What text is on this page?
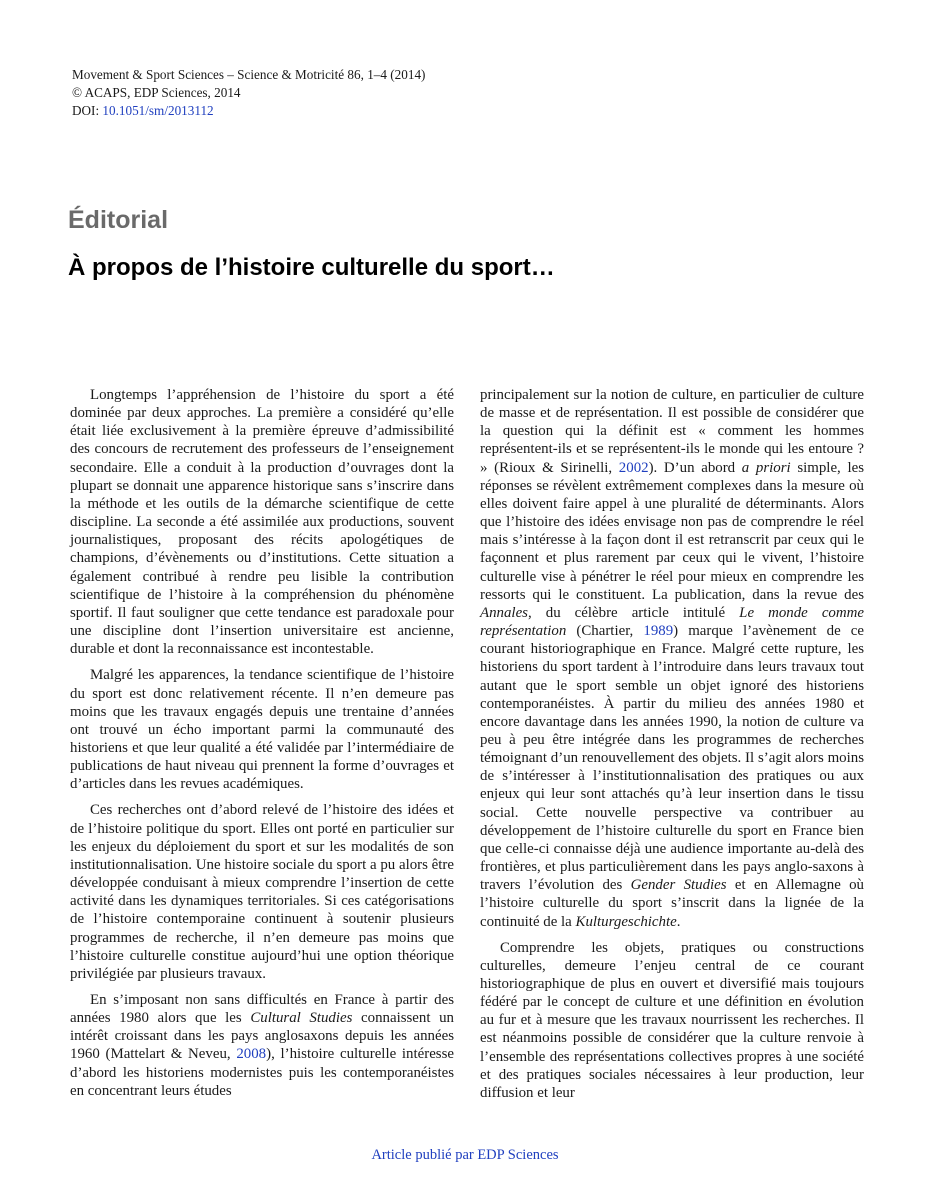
Movement & Sport Sciences – Science & Motricité 86, 1–4 (2014)
© ACAPS, EDP Sciences, 2014
DOI: 10.1051/sm/2013112
Éditorial
À propos de l’histoire culturelle du sport…

Longtemps l’appréhension de l’histoire du sport a été dominée par deux approches. La première a considéré qu’elle était liée exclusivement à la première épreuve d’admissibilité des concours de recrutement des professeurs de l’enseignement secondaire. Elle a conduit à la production d’ouvrages dont la plupart se donnait une apparence historique sans s’inscrire dans la méthode et les outils de la démarche scientifique de cette discipline. La seconde a été assimilée aux productions, souvent journalistiques, proposant des récits apologétiques de champions, d’évènements ou d’institutions. Cette situation a également contribué à rendre peu lisible la contribution scientifique de l’histoire à la compréhension du phénomène sportif. Il faut souligner que cette tendance est paradoxale pour une discipline dont l’insertion universitaire est ancienne, durable et dont la reconnaissance est incontestable.

Malgré les apparences, la tendance scientifique de l’histoire du sport est donc relativement récente. Il n’en demeure pas moins que les travaux engagés depuis une trentaine d’années ont trouvé un écho important parmi la communauté des historiens et que leur qualité a été validée par l’intermédiaire de publications de haut niveau qui prennent la forme d’ouvrages et d’articles dans les revues académiques.

Ces recherches ont d’abord relevé de l’histoire des idées et de l’histoire politique du sport. Elles ont porté en particulier sur les enjeux du déploiement du sport et sur les modalités de son institutionnalisation. Une histoire sociale du sport a pu alors être développée conduisant à mieux comprendre l’insertion de cette activité dans les dynamiques territoriales. Si ces catégorisations de l’histoire contemporaine continuent à soutenir plusieurs programmes de recherche, il n’en demeure pas moins que l’histoire culturelle constitue aujourd’hui une option théorique privilégiée par plusieurs travaux.

En s’imposant non sans difficultés en France à partir des années 1980 alors que les Cultural Studies connaissent un intérêt croissant dans les pays anglosaxons depuis les années 1960 (Mattelart & Neveu, 2008), l’histoire culturelle intéresse d’abord les historiens modernistes puis les contemporanéistes en concentrant leurs études

principalement sur la notion de culture, en particulier de culture de masse et de représentation. Il est possible de considérer que la question qui la définit est « comment les hommes représentent-ils et se représentent-ils le monde qui les entoure ? » (Rioux & Sirinelli, 2002). D’un abord a priori simple, les réponses se révèlent extrêmement complexes dans la mesure où elles doivent faire appel à une pluralité de déterminants. Alors que l’histoire des idées envisage non pas de comprendre le réel mais s’intéresse à la façon dont il est retranscrit par ceux qui le façonnent et plus rarement par ceux qui le vivent, l’histoire culturelle vise à pénétrer le réel pour mieux en comprendre les ressorts qui le constituent. La publication, dans la revue des Annales, du célèbre article intitulé Le monde comme représentation (Chartier, 1989) marque l’avènement de ce courant historiographique en France. Malgré cette rupture, les historiens du sport tardent à l’introduire dans leurs travaux tout autant que le sport semble un objet ignoré des historiens contemporanéistes. À partir du milieu des années 1980 et encore davantage dans les années 1990, la notion de culture va peu à peu être intégrée dans les programmes de recherches témoignant d’un renouvellement des objets. Il s’agit alors moins de s’intéresser à l’institutionnalisation des pratiques ou aux enjeux qui leur sont attachés qu’à leur insertion dans le tissu social. Cette nouvelle perspective va contribuer au développement de l’histoire culturelle du sport en France bien que celle-ci connaisse déjà une audience importante au-delà des frontières, et plus particulièrement dans les pays anglo-saxons à travers l’évolution des Gender Studies et en Allemagne où l’histoire culturelle du sport s’inscrit dans la lignée de la continuité de la Kulturgeschichte.

Comprendre les objets, pratiques ou constructions culturelles, demeure l’enjeu central de ce courant historiographique de plus en ouvert et diversifié mais toujours fédéré par le concept de culture et une définition en évolution au fur et à mesure que les travaux nourrissent les recherches. Il est néanmoins possible de considérer que la culture renvoie à l’ensemble des représentations collectives propres à une société et des pratiques sociales nécessaires à leur production, leur diffusion et leur

Article publié par EDP Sciences
